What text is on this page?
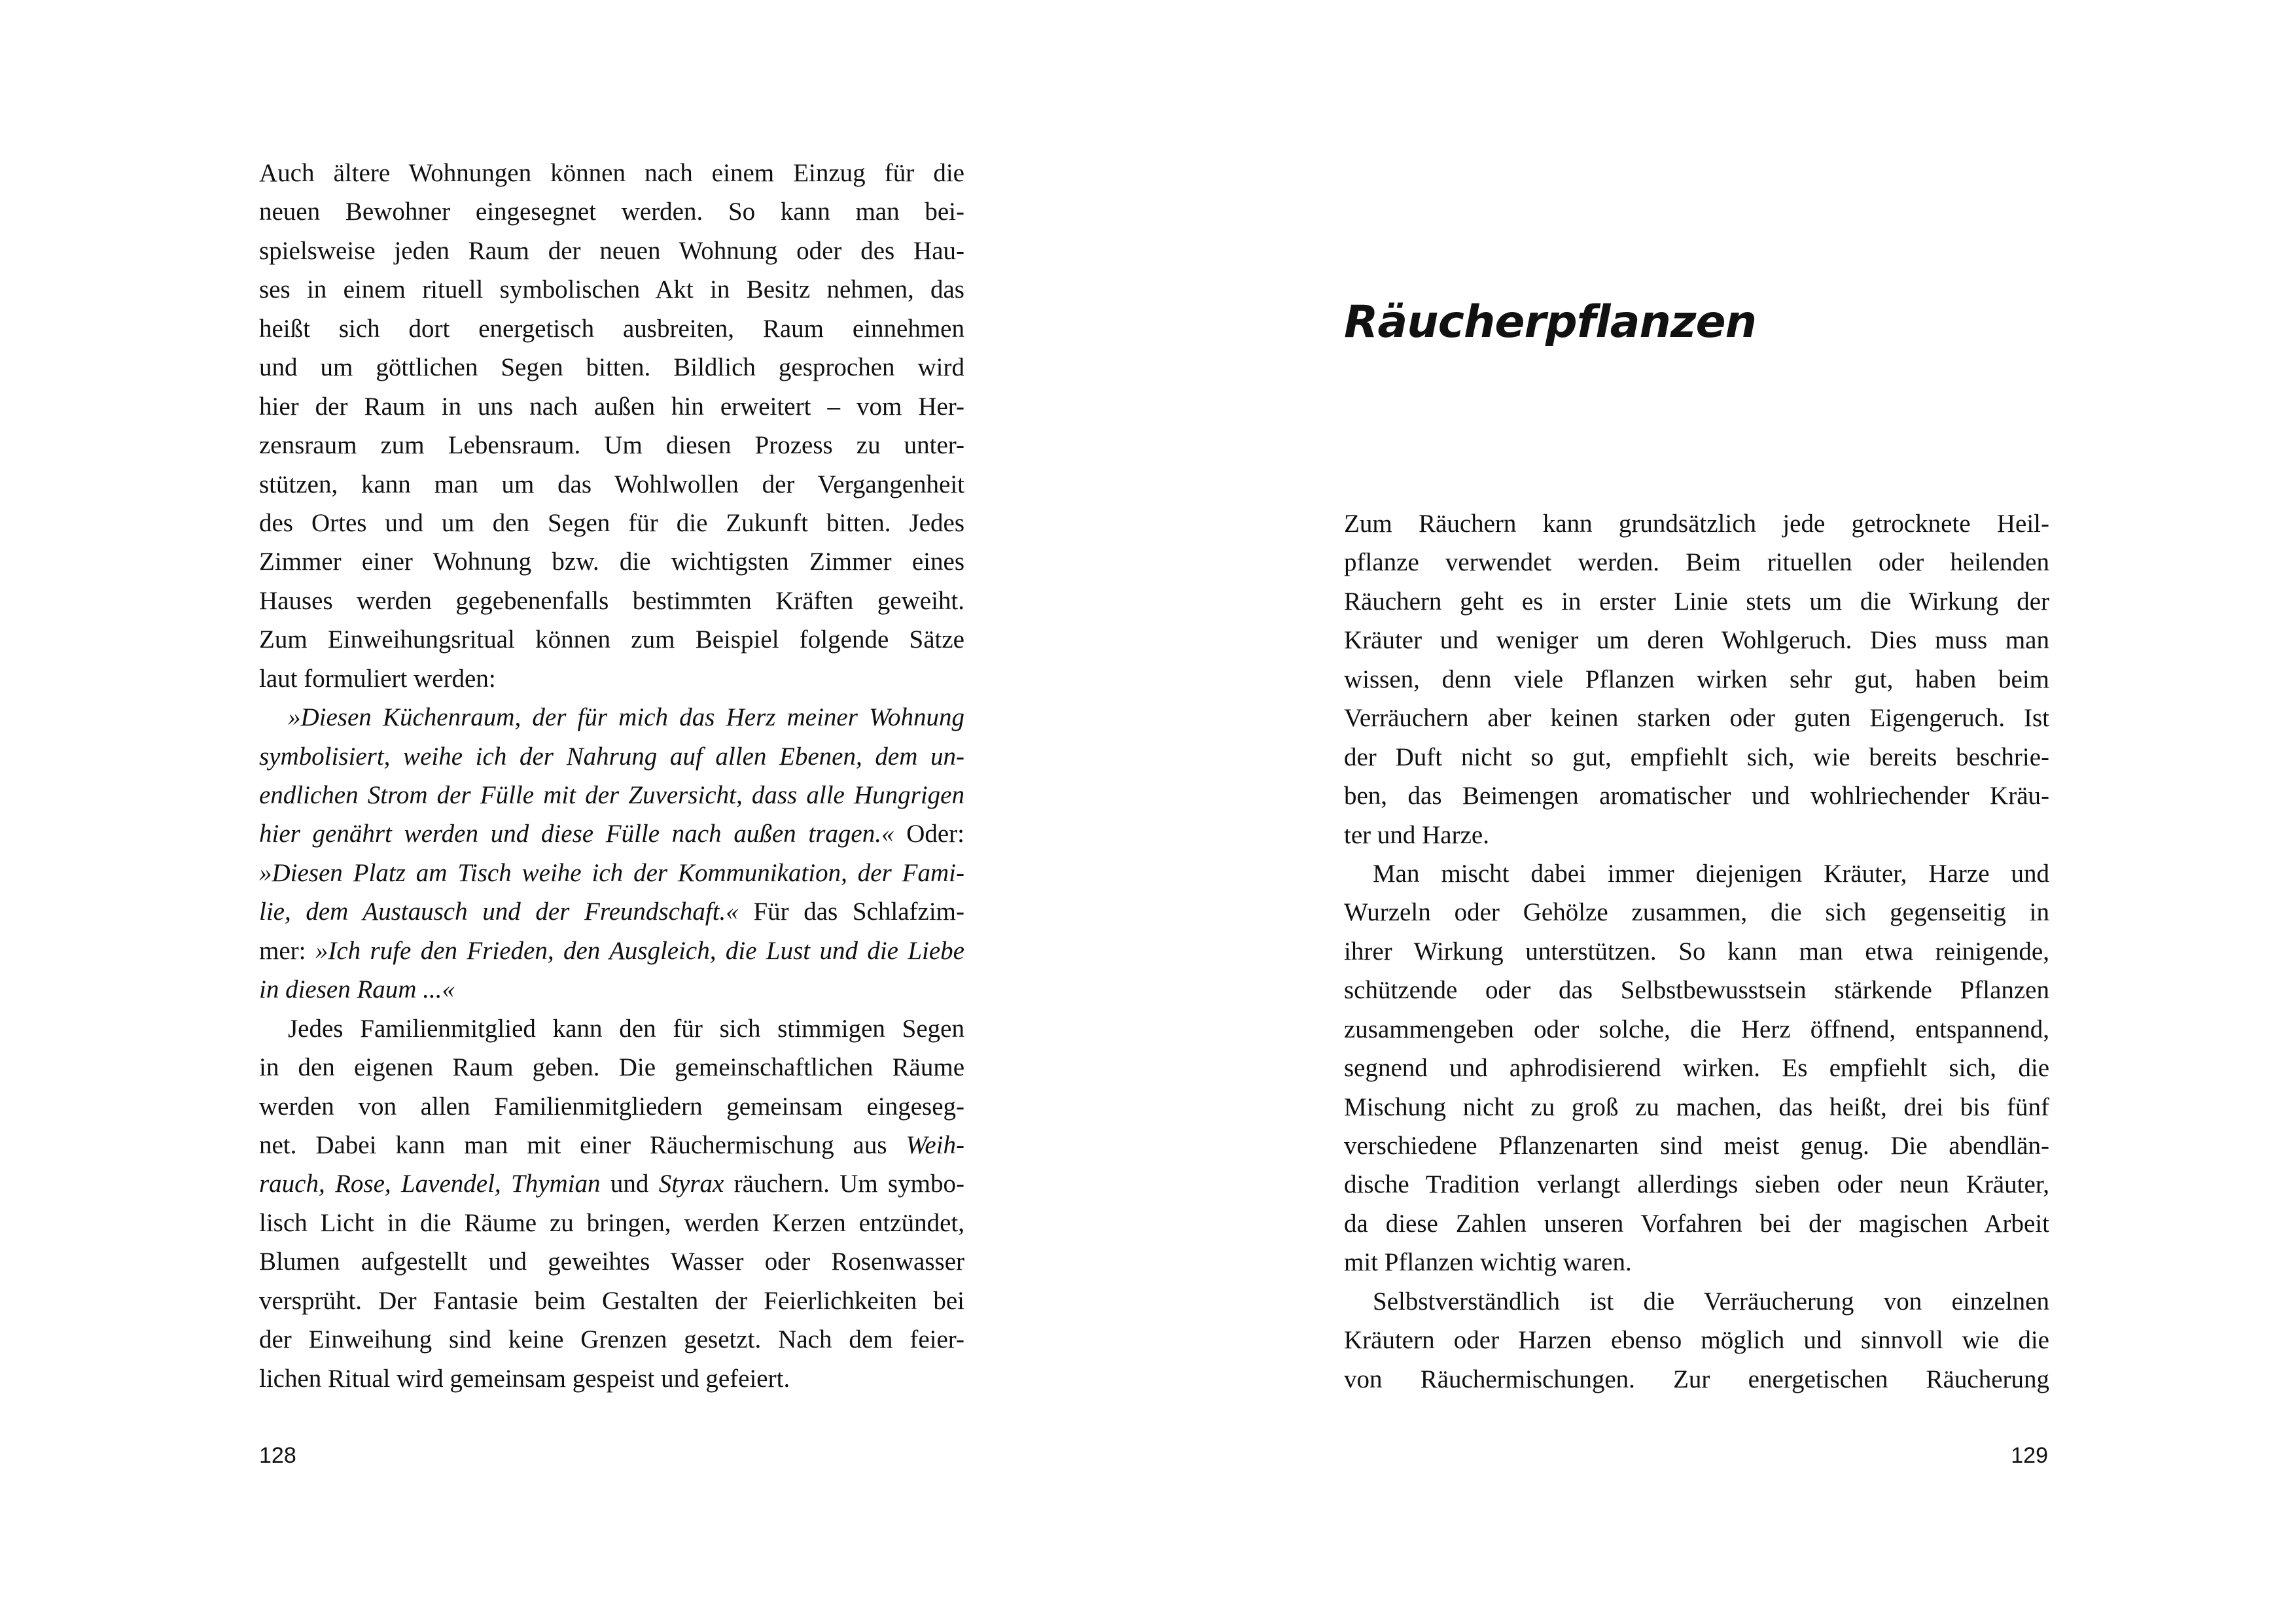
Auch ältere Wohnungen können nach einem Einzug für die
neuen Bewohner eingesegnet werden. So kann man bei-
spielsweise jeden Raum der neuen Wohnung oder des Hau-
ses in einem rituell symbolischen Akt in Besitz nehmen, das
heißt sich dort energetisch ausbreiten, Raum einnehmen
und um göttlichen Segen bitten. Bildlich gesprochen wird
hier der Raum in uns nach außen hin erweitert – vom Her-
zensraum zum Lebensraum. Um diesen Prozess zu unter-
stützen, kann man um das Wohlwollen der Vergangenheit
des Ortes und um den Segen für die Zukunft bitten. Jedes
Zimmer einer Wohnung bzw. die wichtigsten Zimmer eines
Hauses werden gegebenenfalls bestimmten Kräften geweiht.
Zum Einweihungsritual können zum Beispiel folgende Sätze
laut formuliert werden:
»Diesen Küchenraum, der für mich das Herz meiner Wohnung
symbolisiert, weihe ich der Nahrung auf allen Ebenen, dem un-
endlichen Strom der Fülle mit der Zuversicht, dass alle Hungrigen
hier genährt werden und diese Fülle nach außen tragen.« Oder:
»Diesen Platz am Tisch weihe ich der Kommunikation, der Fami-
lie, dem Austausch und der Freundschaft.« Für das Schlafzim-
mer: »Ich rufe den Frieden, den Ausgleich, die Lust und die Liebe
in diesen Raum ...«
Jedes Familienmitglied kann den für sich stimmigen Segen
in den eigenen Raum geben. Die gemeinschaftlichen Räume
werden von allen Familienmitgliedern gemeinsam eingeseg-
net. Dabei kann man mit einer Räuchermischung aus Weih-
rauch, Rose, Lavendel, Thymian und Styrax räuchern. Um symbo-
lisch Licht in die Räume zu bringen, werden Kerzen entzündet,
Blumen aufgestellt und geweihtes Wasser oder Rosenwasser
versprüht. Der Fantasie beim Gestalten der Feierlichkeiten bei
der Einweihung sind keine Grenzen gesetzt. Nach dem feier-
lichen Ritual wird gemeinsam gespeist und gefeiert.
Räucherpflanzen
Zum Räuchern kann grundsätzlich jede getrocknete Heil-
pflanze verwendet werden. Beim rituellen oder heilenden
Räuchern geht es in erster Linie stets um die Wirkung der
Kräuter und weniger um deren Wohlgeruch. Dies muss man
wissen, denn viele Pflanzen wirken sehr gut, haben beim
Verräuchern aber keinen starken oder guten Eigengeruch. Ist
der Duft nicht so gut, empfiehlt sich, wie bereits beschrie-
ben, das Beimengen aromatischer und wohlriechender Kräu-
ter und Harze.
Man mischt dabei immer diejenigen Kräuter, Harze und
Wurzeln oder Gehölze zusammen, die sich gegenseitig in
ihrer Wirkung unterstützen. So kann man etwa reinigende,
schützende oder das Selbstbewusstsein stärkende Pflanzen
zusammengeben oder solche, die Herz öffnend, entspannend,
segnend und aphrodisierend wirken. Es empfiehlt sich, die
Mischung nicht zu groß zu machen, das heißt, drei bis fünf
verschiedene Pflanzenarten sind meist genug. Die abendlän-
dische Tradition verlangt allerdings sieben oder neun Kräuter,
da diese Zahlen unseren Vorfahren bei der magischen Arbeit
mit Pflanzen wichtig waren.
Selbstverständlich ist die Verräucherung von einzelnen
Kräutern oder Harzen ebenso möglich und sinnvoll wie die
von Räuchermischungen. Zur energetischen Räucherung
128	129
